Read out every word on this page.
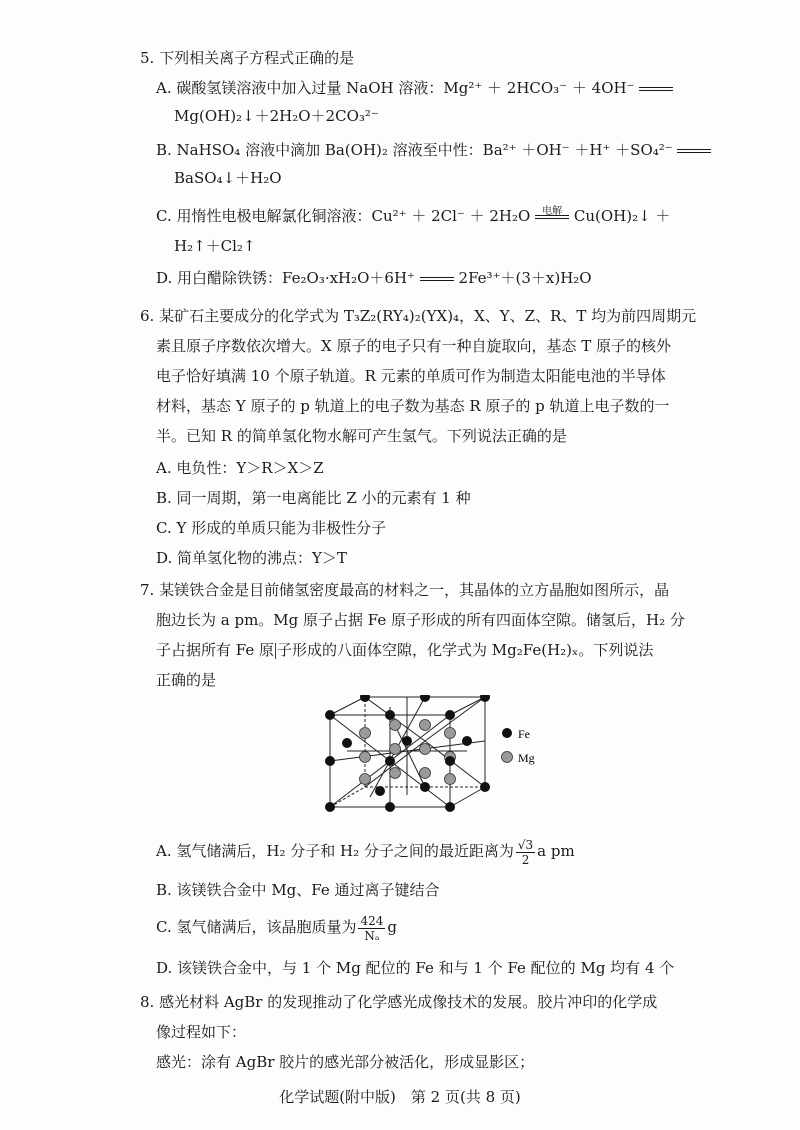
5. 下列相关离子方程式正确的是
A. 碳酸氢镁溶液中加入过量 NaOH 溶液：Mg²⁺ ＋ 2HCO₃⁻ ＋ 4OH⁻
Mg(OH)₂↓＋2H₂O＋2CO₃²⁻
B. NaHSO₄ 溶液中滴加 Ba(OH)₂ 溶液至中性：Ba²⁺ ＋OH⁻ ＋H⁺ ＋SO₄²⁻
BaSO₄↓＋H₂O
C. 用惰性电极电解氯化铜溶液：Cu²⁺ ＋ 2Cl⁻ ＋ 2H₂O	电解 Cu(OH)₂↓ ＋
H₂↑＋Cl₂↑
D. 用白醋除铁锈：Fe₂O₃·xH₂O＋6H⁺	2Fe³⁺＋(3＋x)H₂O
6. 某矿石主要成分的化学式为 T₃Z₂(RY₄)₂(YX)₄，X、Y、Z、R、T 均为前四周期元
素且原子序数依次增大。X 原子的电子只有一种自旋取向，基态 T 原子的核外
电子恰好填满 10 个原子轨道。R 元素的单质可作为制造太阳能电池的半导体
材料，基态 Y 原子的 p 轨道上的电子数为基态 R 原子的 p 轨道上电子数的一
半。已知 R 的简单氢化物水解可产生氢气。下列说法正确的是
A. 电负性：Y＞R＞X＞Z
B. 同一周期，第一电离能比 Z 小的元素有 1 种
C. Y 形成的单质只能为非极性分子
D. 简单氢化物的沸点：Y＞T
7. 某镁铁合金是目前储氢密度最高的材料之一，其晶体的立方晶胞如图所示，晶
胞边长为 a pm。Mg 原子占据 Fe 原子形成的所有四面体空隙。储氢后，H₂ 分
子占据所有 Fe 原 子形成的八面体空隙，化学式为 Mg₂Fe(H₂)ₓ。下列说法
正确的是
Fe
Mg
A. 氢气储满后，H₂ 分子和 H₂ 分子之间的最近距离为 $\frac{√3}{2}$ a pm
B. 该镁铁合金中 Mg、Fe 通过离子键结合
C. 氢气储满后，该晶胞质量为 $\frac{424}{\text{Nₐ}}$ g
D. 该镁铁合金中，与 1 个 Mg 配位的 Fe 和与 1 个 Fe 配位的 Mg 均有 4 个
8. 感光材料 AgBr 的发现推动了化学感光成像技术的发展。胶片冲印的化学成
像过程如下：
感光：涂有 AgBr 胶片的感光部分被活化，形成显影区；
化学试题(附中版)　第 2 页(共 8 页)
